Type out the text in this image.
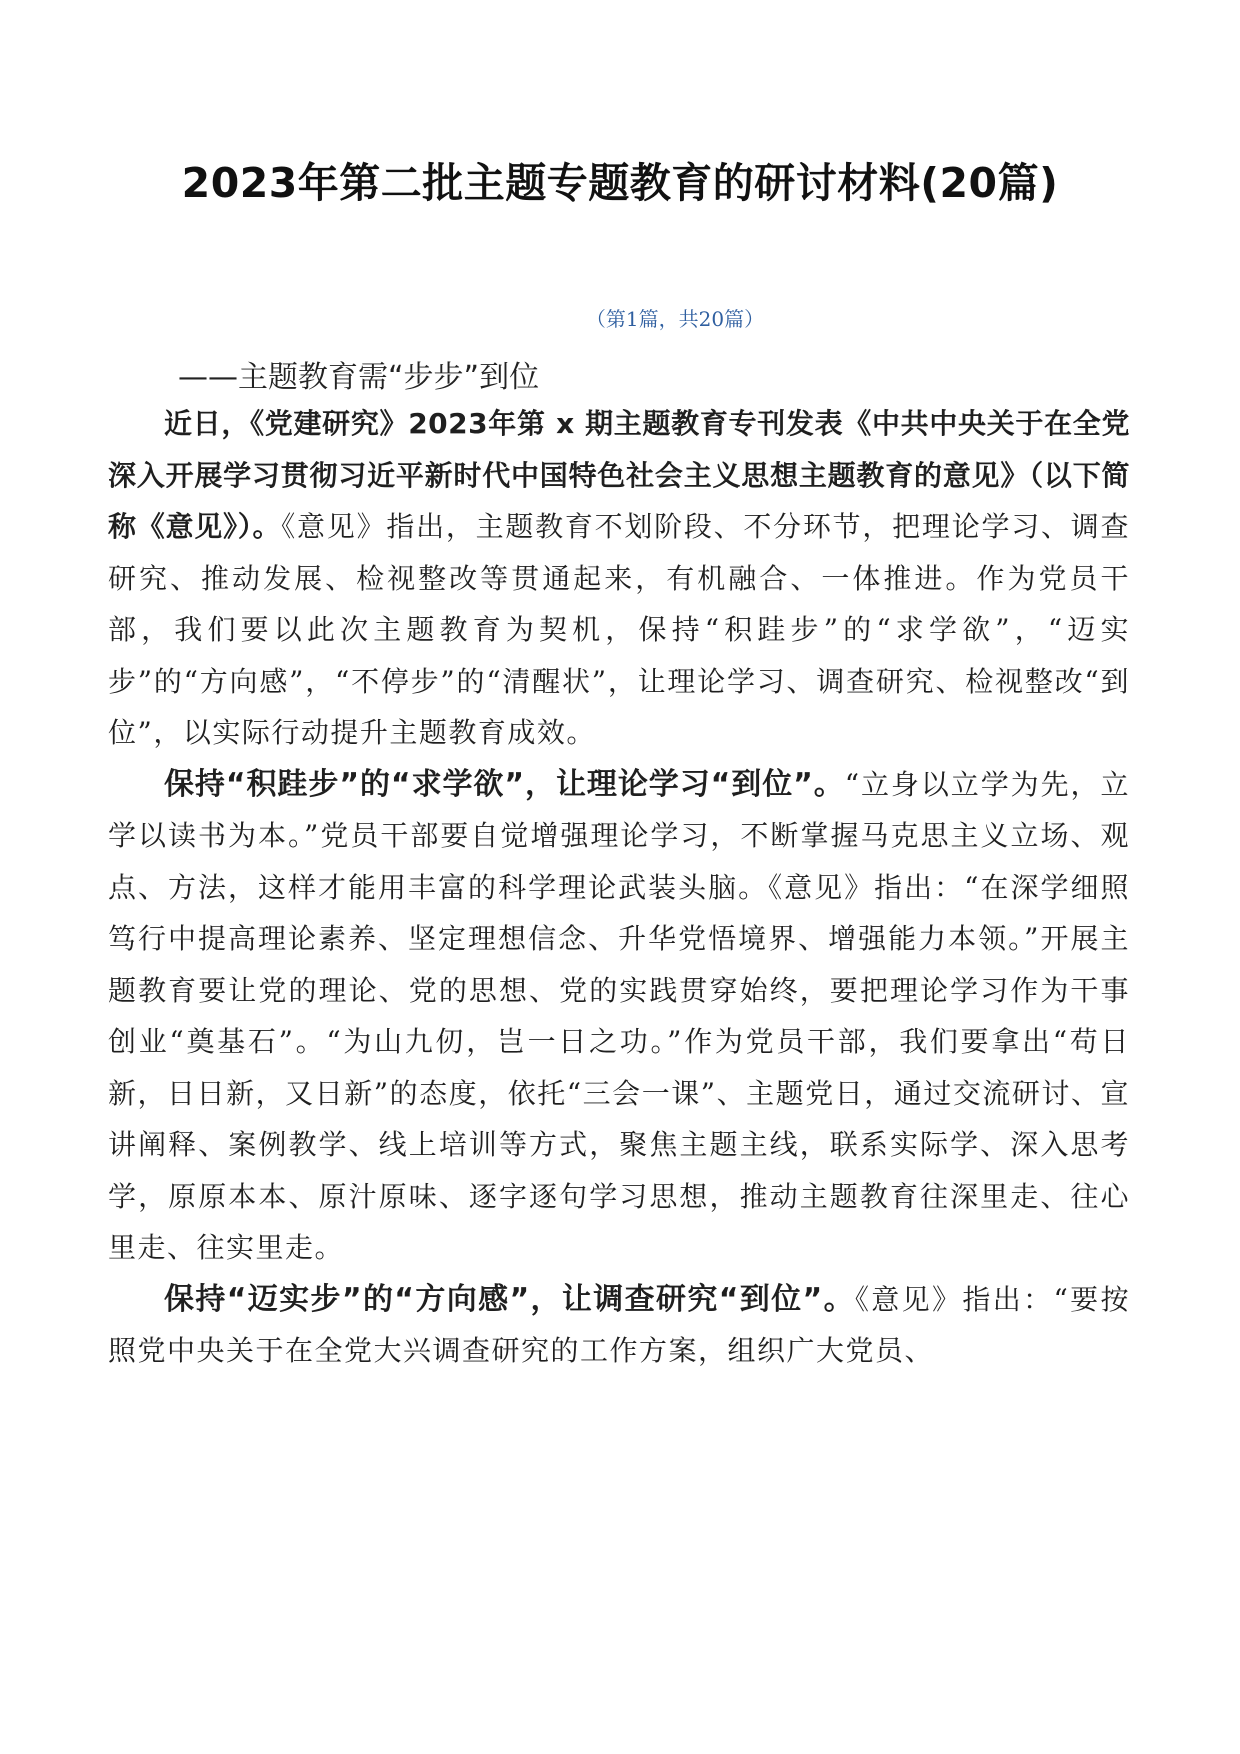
2023年第二批主题专题教育的研讨材料(20篇)
（第1篇，共20篇）
——主题教育需“步步”到位

近日，《党建研究》2023年第 x 期主题教育专刊发表《中共中央关于在全党深入开展学习贯彻习近平新时代中国特色社会主义思想主题教育的意见》（以下简称《意见》）。《意见》指出，主题教育不划阶段、不分环节，把理论学习、调查研究、推动发展、检视整改等贯通起来，有机融合、一体推进。作为党员干部，我们要以此次主题教育为契机，保持“积跬步”的“求学欲”，“迈实步”的“方向感”，“不停步”的“清醒状”，让理论学习、调查研究、检视整改“到位”，以实际行动提升主题教育成效。

保持“积跬步”的“求学欲”，让理论学习“到位”。“立身以立学为先，立学以读书为本。”党员干部要自觉增强理论学习，不断掌握马克思主义立场、观点、方法，这样才能用丰富的科学理论武装头脑。《意见》指出：“在深学细照笃行中提高理论素养、坚定理想信念、升华党悟境界、增强能力本领。”开展主题教育要让党的理论、党的思想、党的实践贯穿始终，要把理论学习作为干事创业“奠基石”。“为山九仞，岂一日之功。”作为党员干部，我们要拿出“苟日新，日日新，又日新”的态度，依托“三会一课”、主题党日，通过交流研讨、宣讲阐释、案例教学、线上培训等方式，聚焦主题主线，联系实际学、深入思考学，原原本本、原汁原味、逐字逐句学习思想，推动主题教育往深里走、往心里走、往实里走。

保持“迈实步”的“方向感”，让调查研究“到位”。《意见》指出：“要按照党中央关于在全党大兴调查研究的工作方案，组织广大党员、
